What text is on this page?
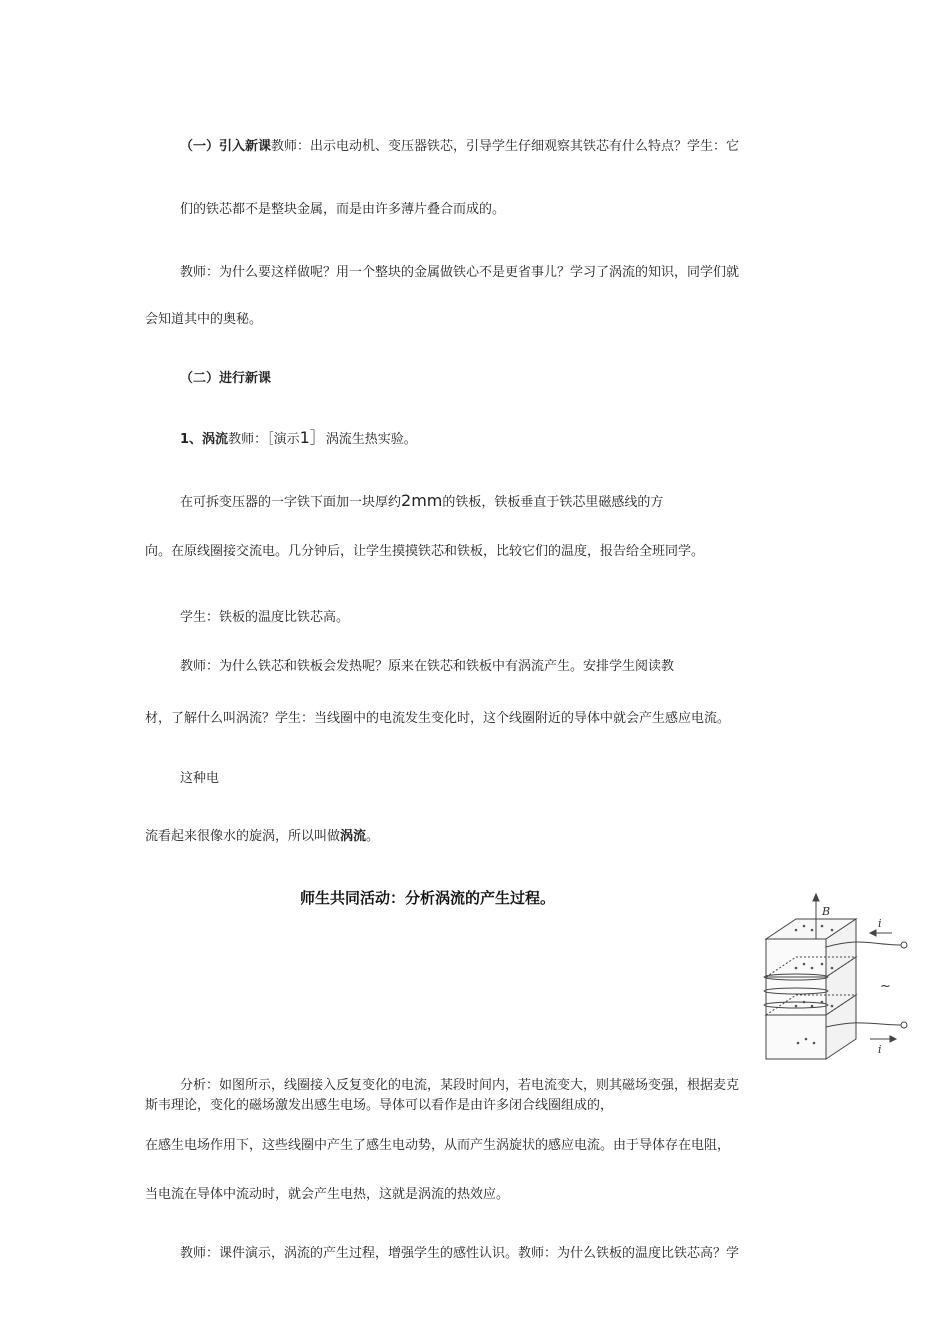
（一）引入新课教师：出示电动机、变压器铁芯，引导学生仔细观察其铁芯有什么特点？学生：它
们的铁芯都不是整块金属，而是由许多薄片叠合而成的。
教师：为什么要这样做呢？用一个整块的金属做铁心不是更省事儿？学习了涡流的知识，同学们就
会知道其中的奥秘。
（二）进行新课
1、涡流教师：［演示1］涡流生热实验。
在可拆变压器的一字铁下面加一块厚约2mm的铁板，铁板垂直于铁芯里磁感线的方
向。在原线圈接交流电。几分钟后，让学生摸摸铁芯和铁板，比较它们的温度，报告给全班同学。
学生：铁板的温度比铁芯高。
教师：为什么铁芯和铁板会发热呢？原来在铁芯和铁板中有涡流产生。安排学生阅读教
材，了解什么叫涡流？学生：当线圈中的电流发生变化时，这个线圈附近的导体中就会产生感应电流。
这种电
流看起来很像水的旋涡，所以叫做涡流。
师生共同活动：分析涡流的产生过程。
B
i
i
~
分析：如图所示，线圈接入反复变化的电流，某段时间内，若电流变大，则其磁场变强，根据麦克
斯韦理论，变化的磁场激发出感生电场。导体可以看作是由许多闭合线圈组成的，
在感生电场作用下，这些线圈中产生了感生电动势，从而产生涡旋状的感应电流。由于导体存在电阻，
当电流在导体中流动时，就会产生电热，这就是涡流的热效应。
教师：课件演示，涡流的产生过程，增强学生的感性认识。教师：为什么铁板的温度比铁芯高？学
